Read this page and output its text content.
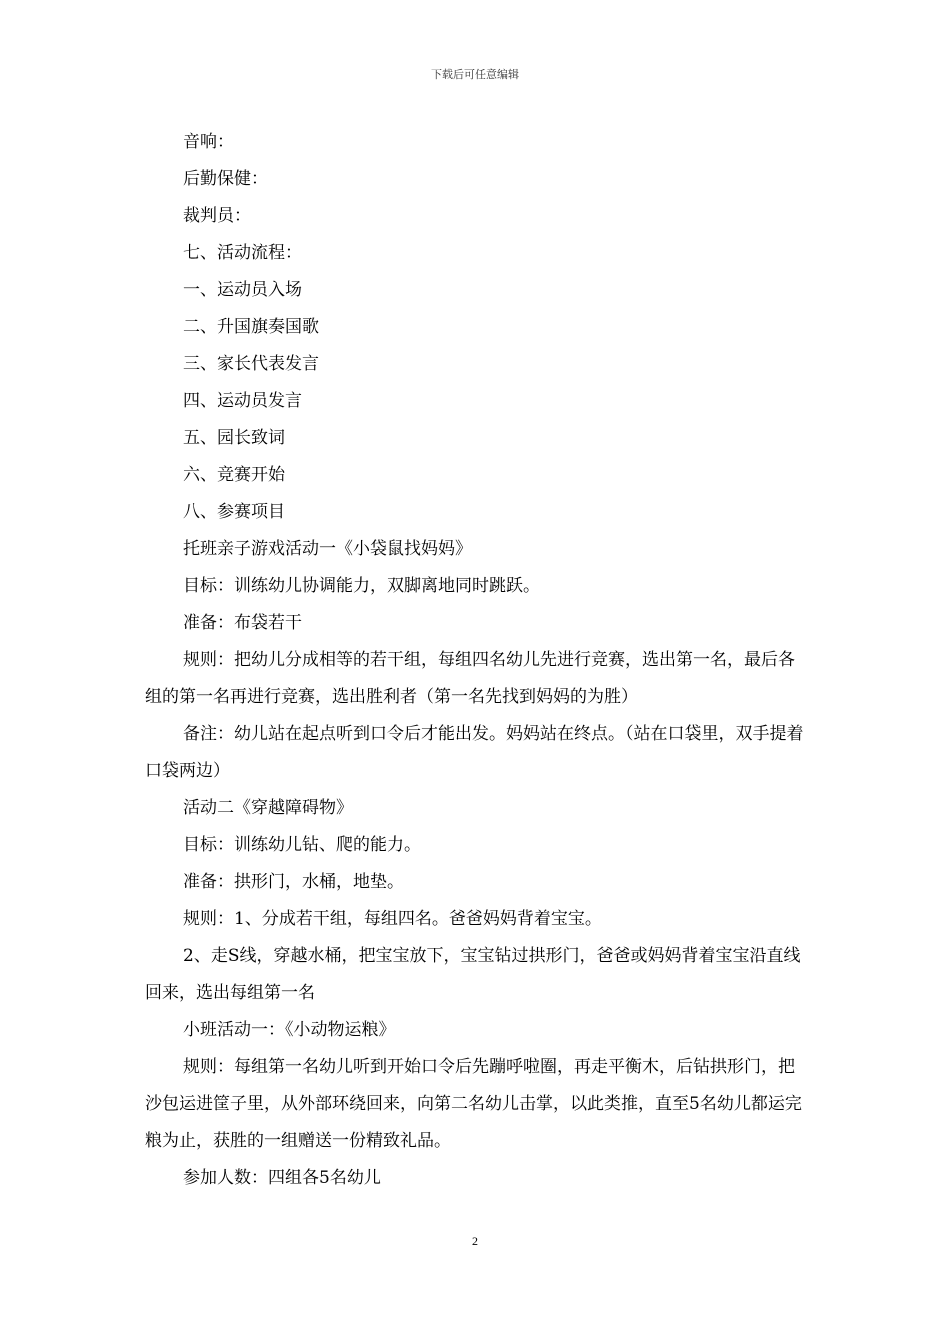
下载后可任意编辑

音响：

后勤保健：

裁判员：

七、活动流程：

一、运动员入场

二、升国旗奏国歌

三、家长代表发言

四、运动员发言

五、园长致词

六、竞赛开始

八、参赛项目

托班亲子游戏活动一《小袋鼠找妈妈》

目标：训练幼儿协调能力，双脚离地同时跳跃。

准备：布袋若干

规则：把幼儿分成相等的若干组，每组四名幼儿先进行竞赛，选出第一名，最后各组的第一名再进行竞赛，选出胜利者（第一名先找到妈妈的为胜）

备注：幼儿站在起点听到口令后才能出发。妈妈站在终点。（站在口袋里，双手提着口袋两边）

活动二《穿越障碍物》

目标：训练幼儿钻、爬的能力。

准备：拱形门，水桶，地垫。

规则：1、分成若干组，每组四名。爸爸妈妈背着宝宝。

2、走S线，穿越水桶，把宝宝放下，宝宝钻过拱形门，爸爸或妈妈背着宝宝沿直线回来，选出每组第一名

小班活动一：《小动物运粮》

规则：每组第一名幼儿听到开始口令后先蹦呼啦圈，再走平衡木，后钻拱形门，把沙包运进筐子里，从外部环绕回来，向第二名幼儿击掌，以此类推，直至5名幼儿都运完粮为止，获胜的一组赠送一份精致礼品。

参加人数：四组各5名幼儿

2
